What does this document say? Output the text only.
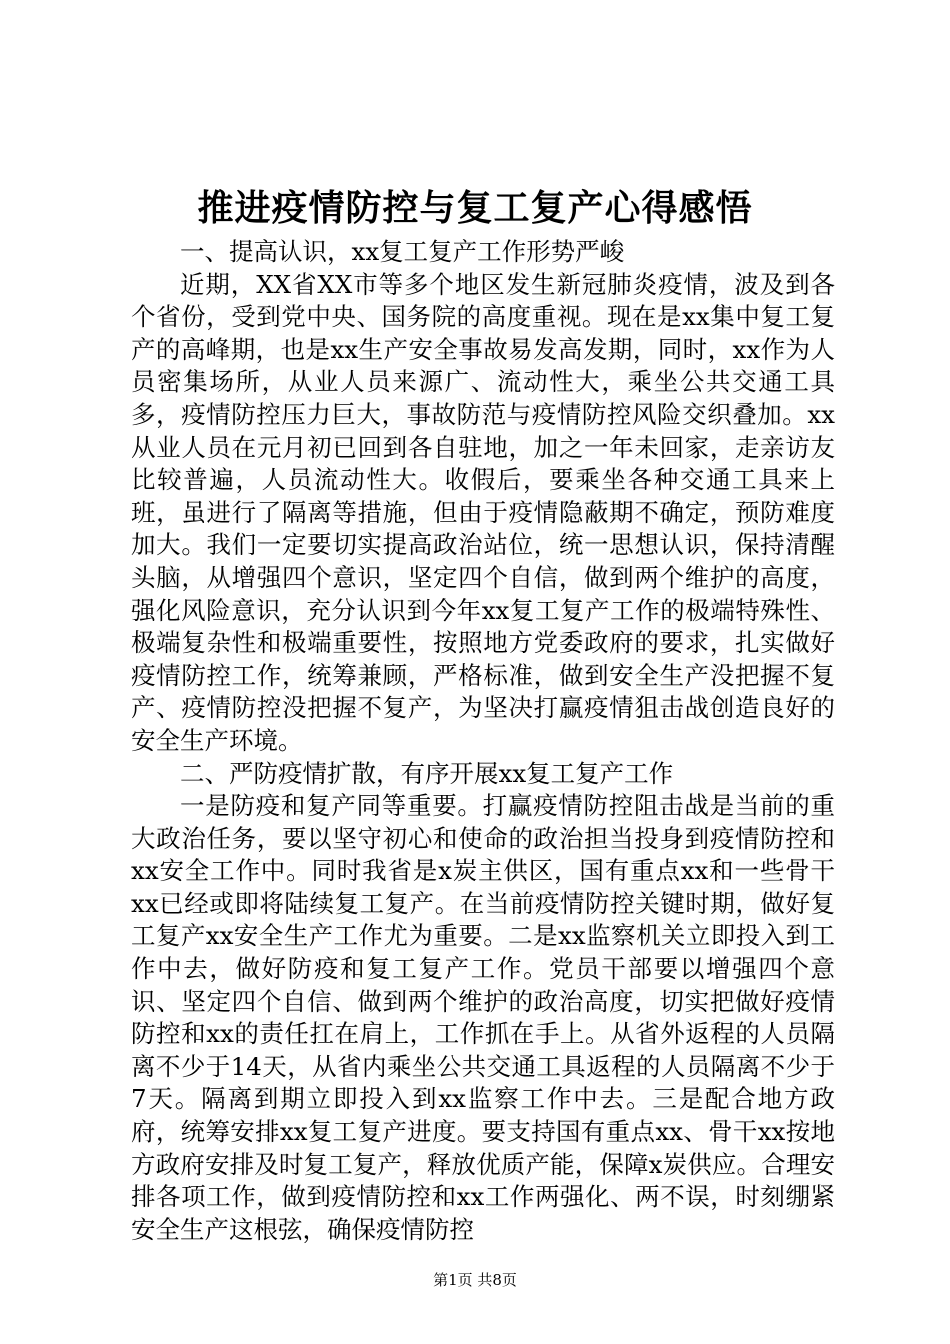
推进疫情防控与复工复产心得感悟

一、提高认识，xx复工复产工作形势严峻

近期，XX省XX市等多个地区发生新冠肺炎疫情，波及到各个省份，受到党中央、国务院的高度重视。现在是xx集中复工复产的高峰期，也是xx生产安全事故易发高发期，同时，xx作为人员密集场所，从业人员来源广、流动性大，乘坐公共交通工具多，疫情防控压力巨大，事故防范与疫情防控风险交织叠加。xx从业人员在元月初已回到各自驻地，加之一年未回家，走亲访友比较普遍，人员流动性大。收假后，要乘坐各种交通工具来上班，虽进行了隔离等措施，但由于疫情隐蔽期不确定，预防难度加大。我们一定要切实提高政治站位，统一思想认识，保持清醒头脑，从增强四个意识，坚定四个自信，做到两个维护的高度，强化风险意识，充分认识到今年xx复工复产工作的极端特殊性、极端复杂性和极端重要性，按照地方党委政府的要求，扎实做好疫情防控工作，统筹兼顾，严格标准，做到安全生产没把握不复产、疫情防控没把握不复产，为坚决打赢疫情狙击战创造良好的安全生产环境。

二、严防疫情扩散，有序开展xx复工复产工作

一是防疫和复产同等重要。打赢疫情防控阻击战是当前的重大政治任务，要以坚守初心和使命的政治担当投身到疫情防控和xx安全工作中。同时我省是x炭主供区，国有重点xx和一些骨干xx已经或即将陆续复工复产。在当前疫情防控关键时期，做好复工复产xx安全生产工作尤为重要。二是xx监察机关立即投入到工作中去，做好防疫和复工复产工作。党员干部要以增强四个意识、坚定四个自信、做到两个维护的政治高度，切实把做好疫情防控和xx的责任扛在肩上，工作抓在手上。从省外返程的人员隔离不少于14天，从省内乘坐公共交通工具返程的人员隔离不少于7天。隔离到期立即投入到xx监察工作中去。三是配合地方政府，统筹安排xx复工复产进度。要支持国有重点xx、骨干xx按地方政府安排及时复工复产，释放优质产能，保障x炭供应。合理安排各项工作，做到疫情防控和xx工作两强化、两不误，时刻绷紧安全生产这根弦，确保疫情防控

第1页 共8页
